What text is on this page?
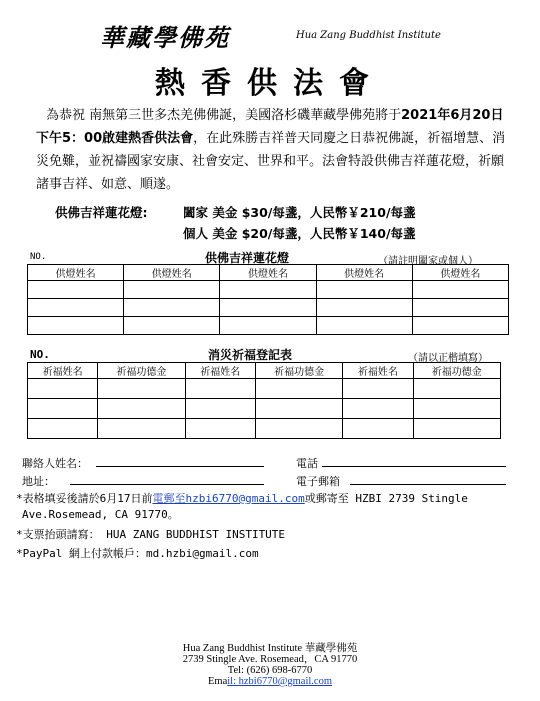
華藏學佛苑	Hua Zang Buddhist Institute
熱香供法會
為恭祝 南無第三世多杰羌佛佛誕，美國洛杉磯華藏學佛苑將于2021年6月20日下午5：00啟建熱香供法會，在此殊勝吉祥普天同慶之日恭祝佛誕，祈福增慧、消災免難，並祝禱國家安康、社會安定、世界和平。法會特設供佛吉祥蓮花燈，祈願諸事吉祥、如意、順遂。
供佛吉祥蓮花燈:	闔家 美金 $30/每盞，人民幣￥210/每盞
個人 美金 $20/每盞，人民幣￥140/每盞
NO.	供佛吉祥蓮花燈	（請註明闔家或個人）
供燈姓名	供燈姓名	供燈姓名	供燈姓名	供燈姓名

NO.	消災祈福登記表	（請以正楷填寫）
祈福姓名	祈福功德金	祈福姓名	祈福功德金	祈福姓名	祈福功德金

聯絡人姓名：	電話
地址：	電子郵箱
*表格填妥後請於6月17日前電郵至hzbi6770@gmail.com或郵寄至 HZBI 2739 Stingle
Ave.Rosemead, CA 91770。
*支票抬頭請寫： HUA ZANG BUDDHIST INSTITUTE
*PayPal 網上付款帳戶：md.hzbi@gmail.com
Hua Zang Buddhist Institute 華藏學佛苑
2739 Stingle Ave. Rosemead，CA 91770
Tel: (626) 698-6770
Email: hzbi6770@gmail.com
